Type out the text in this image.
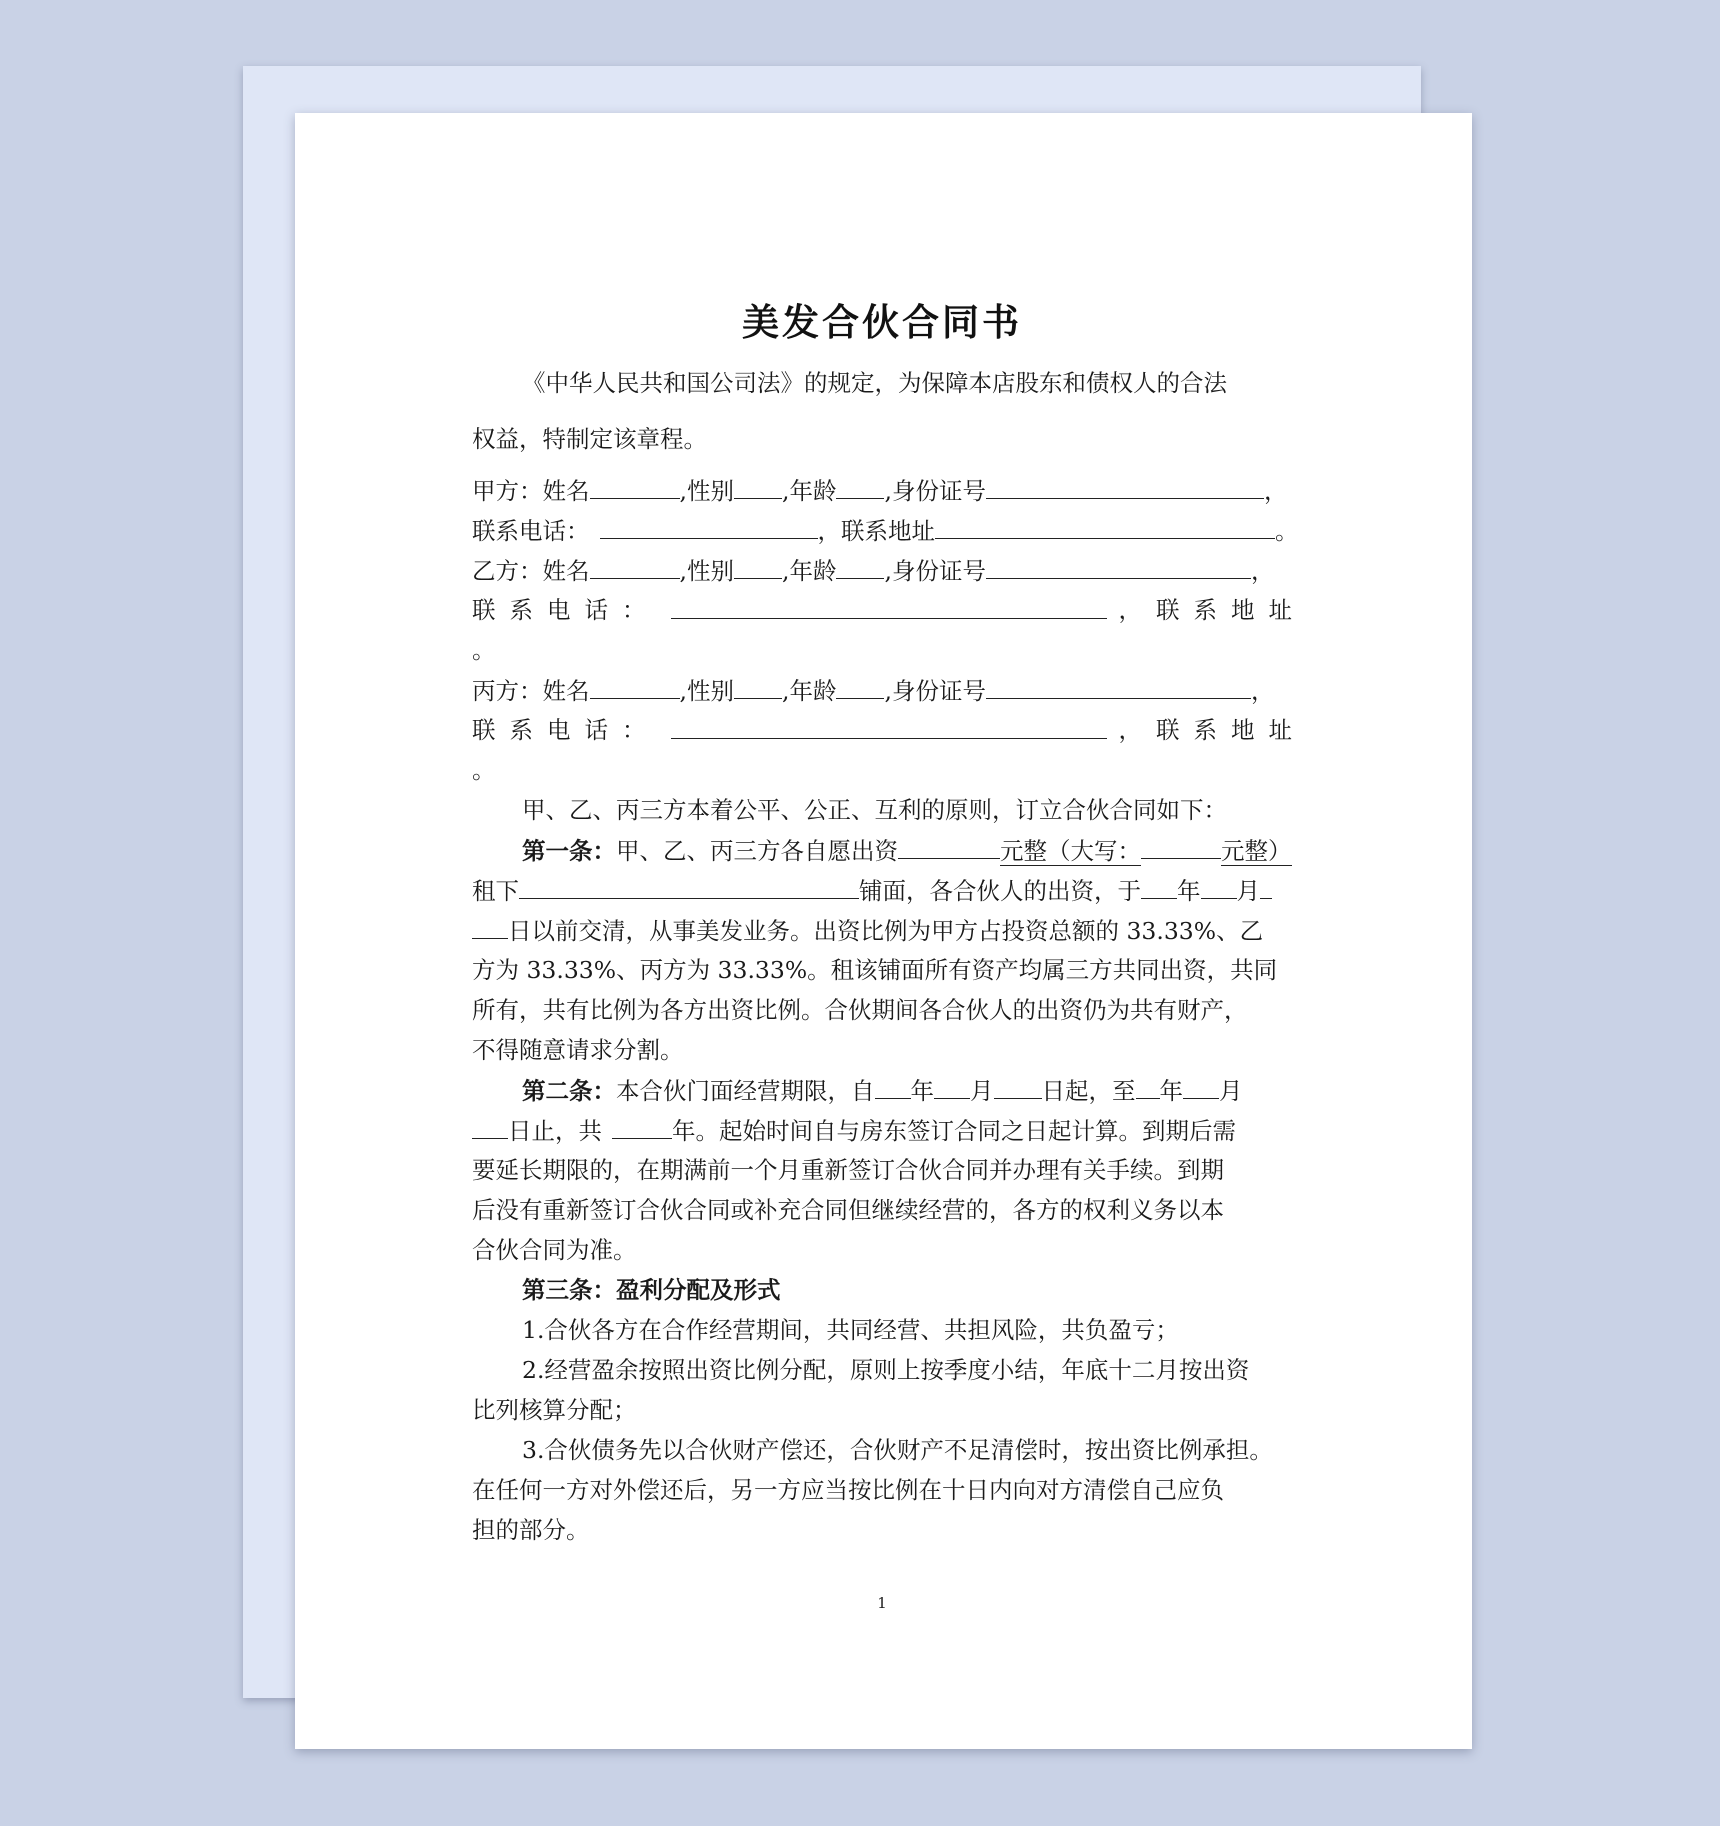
美发合伙合同书
《中华人民共和国公司法》的规定，为保障本店股东和债权人的合法
权益，特制定该章程。
甲方：姓名	,性别 ,年龄 ,身份证号	，
联系电话：	，联系地址	。
乙方：姓名	,性别 ,年龄 ,身份证号	，
联系电话：	，联系地址
。
丙方：姓名	,性别 ,年龄 ,身份证号	，
联系电话：	，联系地址
。
甲、乙、丙三方本着公平、公正、互利的原则，订立合伙合同如下：
第一条：甲、乙、丙三方各自愿出资	元整（大写：	元整）
租下	铺面，各合伙人的出资，于 年 月
日以前交清，从事美发业务。出资比例为甲方占投资总额的 33.33%、乙
方为 33.33%、丙方为 33.33%。租该铺面所有资产均属三方共同出资，共同
所有，共有比例为各方出资比例。合伙期间各合伙人的出资仍为共有财产，
不得随意请求分割。
第二条：本合伙门面经营期限，自 年 月 日起，至 年 月
日止，共	年。起始时间自与房东签订合同之日起计算。到期后需
要延长期限的，在期满前一个月重新签订合伙合同并办理有关手续。到期
后没有重新签订合伙合同或补充合同但继续经营的，各方的权利义务以本
合伙合同为准。
第三条：盈利分配及形式
1.合伙各方在合作经营期间，共同经营、共担风险，共负盈亏；
2.经营盈余按照出资比例分配，原则上按季度小结，年底十二月按出资
比列核算分配；
3.合伙债务先以合伙财产偿还，合伙财产不足清偿时，按出资比例承担。
在任何一方对外偿还后，另一方应当按比例在十日内向对方清偿自己应负
担的部分。
1
